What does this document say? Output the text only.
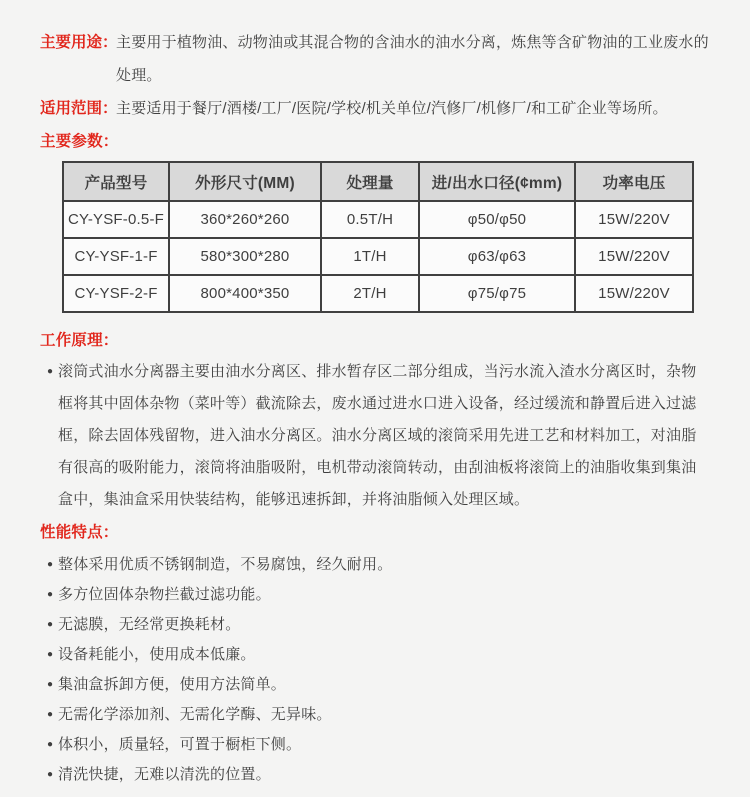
主要用途：
主要用于植物油、动物油或其混合物的含油水的油水分离，炼焦等含矿物油的工业废水的处理。

适用范围：
主要适用于餐厅/酒楼/工厂/医院/学校/机关单位/汽修厂/机修厂/和工矿企业等场所。

主要参数：
产品型号	外形尺寸(MM)	处理量	进/出水口径(¢mm)	功率电压
CY-YSF-0.5-F	360*260*260	0.5T/H	φ50/φ50	15W/220V
CY-YSF-1-F	580*300*280	1T/H	φ63/φ63	15W/220V
CY-YSF-2-F	800*400*350	2T/H	φ75/φ75	15W/220V
工作原理：

● 滚筒式油水分离器主要由油水分离区、排水暂存区二部分组成，当污水流入渣水分离区时，杂物框将其中固体杂物（菜叶等）截流除去，废水通过进水口进入设备，经过缓流和静置后进入过滤框，除去固体残留物，进入油水分离区。油水分离区域的滚筒采用先进工艺和材料加工，对油脂有很高的吸附能力，滚筒将油脂吸附，电机带动滚筒转动，由刮油板将滚筒上的油脂收集到集油盒中，集油盒采用快装结构，能够迅速拆卸，并将油脂倾入处理区域。

性能特点：
● 整体采用优质不锈钢制造，不易腐蚀，经久耐用。
● 多方位固体杂物拦截过滤功能。
● 无滤膜，无经常更换耗材。
● 设备耗能小，使用成本低廉。
● 集油盒拆卸方便，使用方法简单。
● 无需化学添加剂、无需化学酶、无异味。
● 体积小，质量轻，可置于橱柜下侧。
● 清洗快捷，无难以清洗的位置。
